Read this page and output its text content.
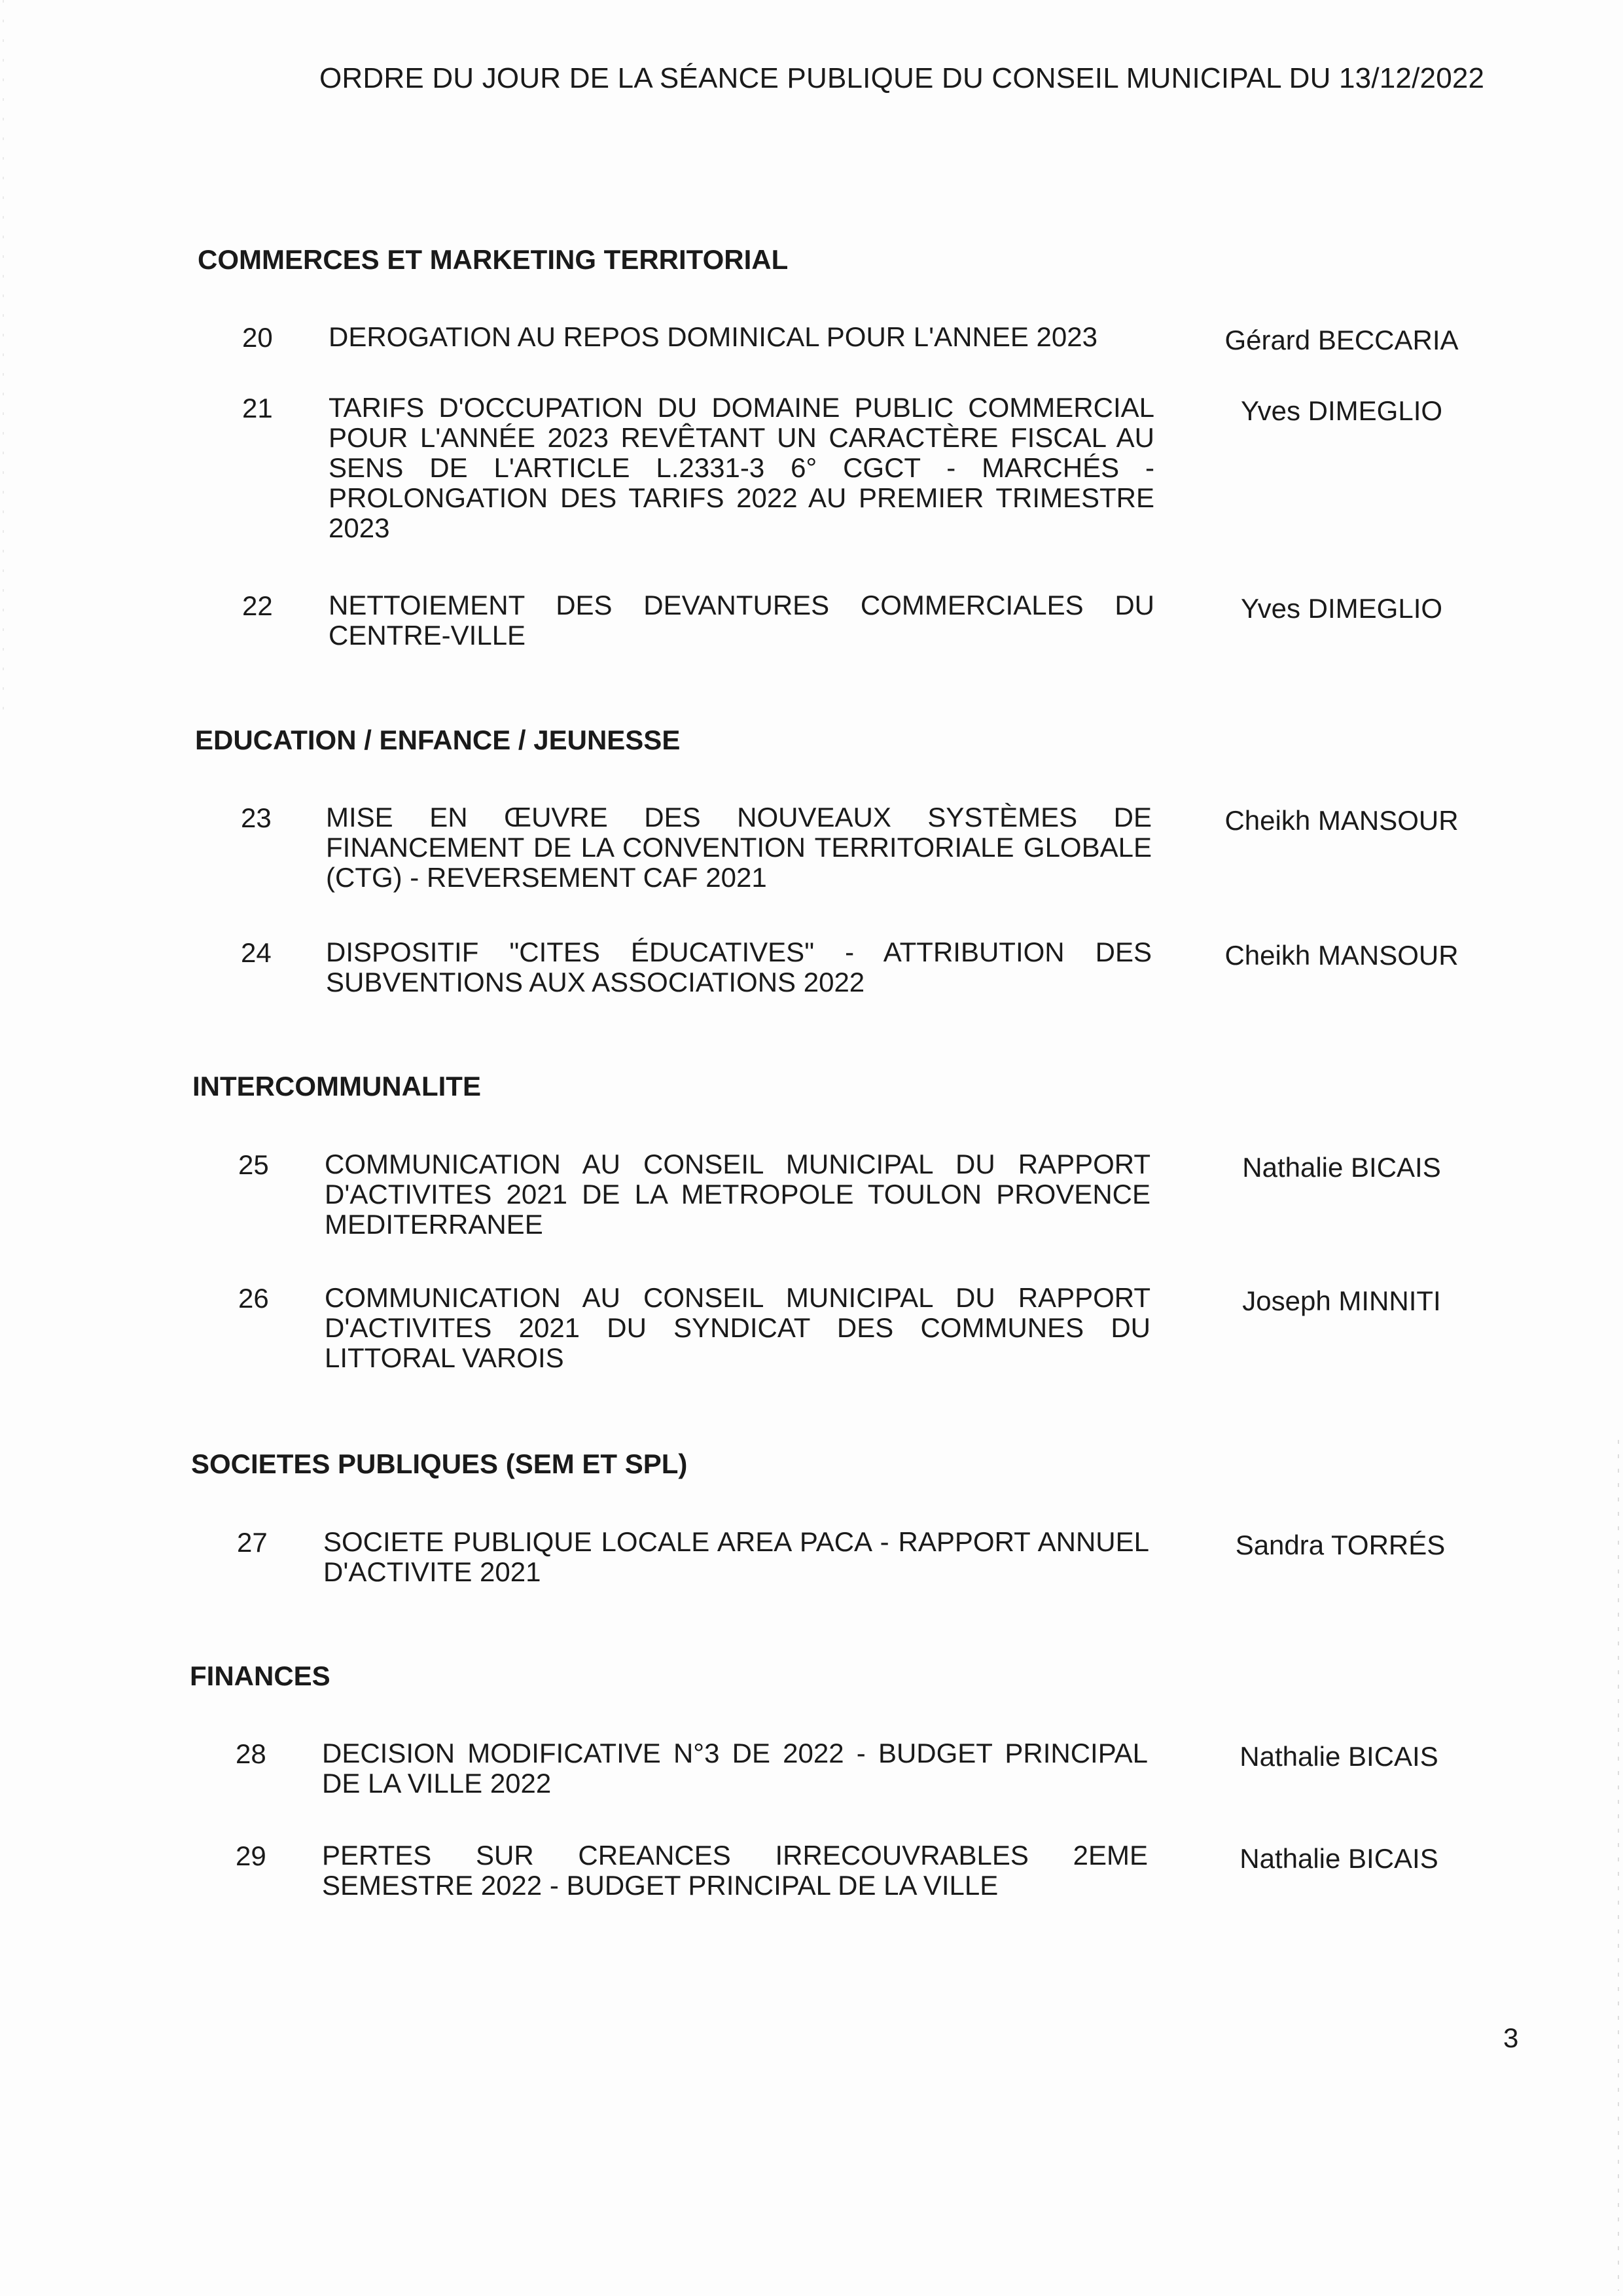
ORDRE DU JOUR DE LA SÉANCE PUBLIQUE DU CONSEIL MUNICIPAL DU 13/12/2022
COMMERCES ET MARKETING TERRITORIAL
20 DEROGATION AU REPOS DOMINICAL POUR L'ANNEE 2023	Gérard BECCARIA
21 TARIFS D'OCCUPATION DU DOMAINE PUBLIC COMMERCIAL POUR L'ANNÉE 2023 REVÊTANT UN CARACTÈRE FISCAL AU SENS DE L'ARTICLE L.2331-3 6° CGCT - MARCHÉS - PROLONGATION DES TARIFS 2022 AU PREMIER TRIMESTRE 2023
Yves DIMEGLIO
22 NETTOIEMENT DES DEVANTURES COMMERCIALES DU CENTRE-VILLE
Yves DIMEGLIO
EDUCATION / ENFANCE / JEUNESSE
23 MISE EN ŒUVRE DES NOUVEAUX SYSTÈMES DE FINANCEMENT DE LA CONVENTION TERRITORIALE GLOBALE (CTG) - REVERSEMENT CAF 2021
Cheikh MANSOUR
24 DISPOSITIF "CITES ÉDUCATIVES" - ATTRIBUTION DES SUBVENTIONS AUX ASSOCIATIONS 2022
Cheikh MANSOUR
INTERCOMMUNALITE
25 COMMUNICATION AU CONSEIL MUNICIPAL DU RAPPORT D'ACTIVITES 2021 DE LA METROPOLE TOULON PROVENCE MEDITERRANEE
Nathalie BICAIS
26 COMMUNICATION AU CONSEIL MUNICIPAL DU RAPPORT D'ACTIVITES 2021 DU SYNDICAT DES COMMUNES DU LITTORAL VAROIS
Joseph MINNITI
SOCIETES PUBLIQUES (SEM ET SPL)
27 SOCIETE PUBLIQUE LOCALE AREA PACA - RAPPORT ANNUEL D'ACTIVITE 2021
Sandra TORRÉS
FINANCES
28 DECISION MODIFICATIVE N°3 DE 2022 - BUDGET PRINCIPAL DE LA VILLE 2022
Nathalie BICAIS
29 PERTES SUR CREANCES IRRECOUVRABLES 2EME SEMESTRE 2022 - BUDGET PRINCIPAL DE LA VILLE
Nathalie BICAIS
3
